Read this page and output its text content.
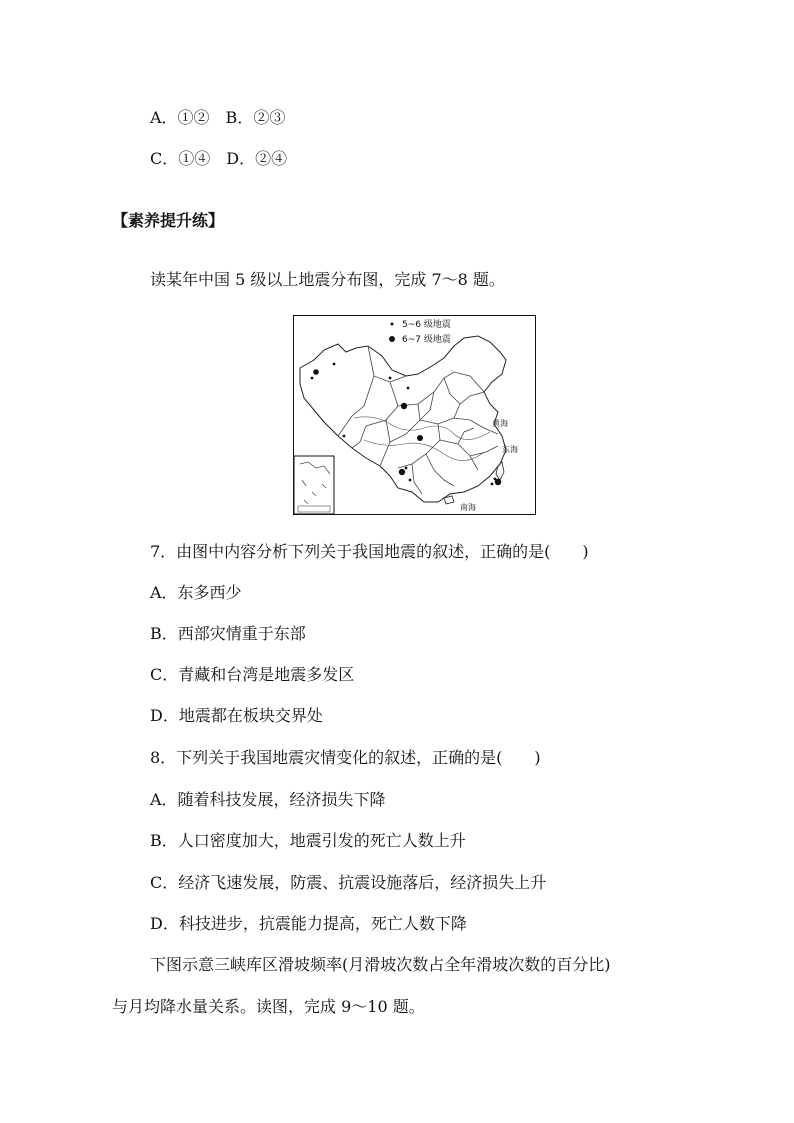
A．①②　B．②③
C．①④　D．②④
【素养提升练】
读某年中国 5 级以上地震分布图，完成 7～8 题。
5~6 级地震
6~7 级地震
黄海
东海
南海
7．由图中内容分析下列关于我国地震的叙述，正确的是(　　)
A．东多西少
B．西部灾情重于东部
C．青藏和台湾是地震多发区
D．地震都在板块交界处
8．下列关于我国地震灾情变化的叙述，正确的是(　　)
A．随着科技发展，经济损失下降
B．人口密度加大，地震引发的死亡人数上升
C．经济飞速发展，防震、抗震设施落后，经济损失上升
D．科技进步，抗震能力提高，死亡人数下降
下图示意三峡库区滑坡频率(月滑坡次数占全年滑坡次数的百分比)
与月均降水量关系。读图，完成 9～10 题。
